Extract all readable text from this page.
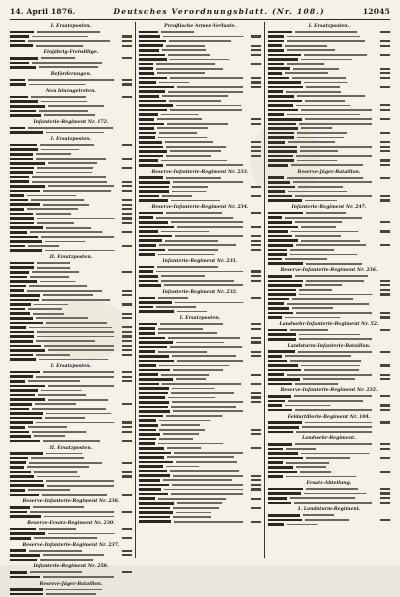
14. April 1876.	Deutsches Verordnungsblatt. (Nr. 108.)	12045
I. Ersatzposten.
Einjährig-Freiwillige.
Beförderungen.
Neu hinzugetreten.
Infanterie-Regiment Nr. 172.
I. Ersatzposten.
II. Ersatzposten.
I. Ersatzposten.
II. Ersatzposten.
Reserve-Infanterie-Regiment Nr. 236.
Reserve-Ersatz-Regiment Nr. 230.
Reserve-Infanterie-Regiment Nr. 237.
Infanterie-Regiment Nr. 258.
Reserve-Jäger-Bataillon.
Preußische Armee-Verluste.
Reserve-Infanterie-Regiment Nr. 233.
Reserve-Infanterie-Regiment Nr. 234.
Infanterie-Regiment Nr. 231.
Infanterie-Regiment Nr. 232.
I. Ersatzposten.
I. Ersatzposten.
Reserve-Jäger-Bataillon.
Infanterie-Regiment Nr. 247.
Reserve-Infanterie-Regiment Nr. 236.
Landwehr-Infanterie-Regiment Nr. 52.
Landsturm-Infanterie-Bataillon.
Reserve-Infanterie-Regiment Nr. 232.
Feldartillerie-Regiment Nr. 104.
Landwehr-Regiment.
Ersatz-Abteilung.
1. Landsturm-Regiment.
